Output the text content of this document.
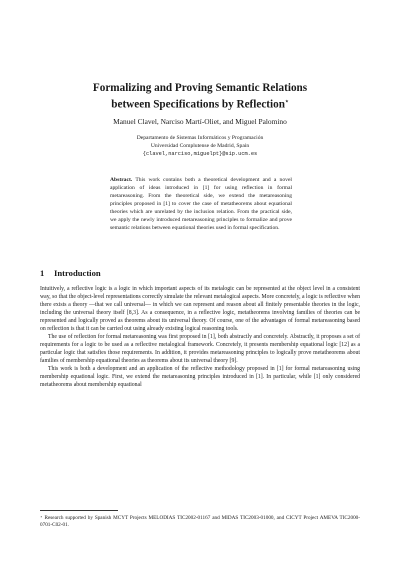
Formalizing and Proving Semantic Relations
between Specifications by Reflection⋆
Manuel Clavel, Narciso Martí-Oliet, and Miguel Palomino
Departamento de Sistemas Informáticos y Programación
Universidad Complutense de Madrid, Spain
{clavel,narciso,miguelpt}@sip.ucm.es

Abstract. This work contains both a theoretical development and a novel application of ideas introduced in [1] for using reflection in formal metareasoning. From the theoretical side, we extend the metareasoning principles proposed in [1] to cover the case of metatheorems about equational theories which are unrelated by the inclusion relation. From the practical side, we apply the newly introduced metareasoning principles to formalize and prove semantic relations between equational theories used in formal specification.

1 Introduction

Intuitively, a reflective logic is a logic in which important aspects of its metalogic can be represented at the object level in a consistent way, so that the object-level representations correctly simulate the relevant metalogical aspects. More concretely, a logic is reflective when there exists a theory —that we call universal— in which we can represent and reason about all finitely presentable theories in the logic, including the universal theory itself [8,3]. As a consequence, in a reflective logic, metatheorems involving families of theories can be represented and logically proved as theorems about its universal theory. Of course, one of the advantages of formal metareasoning based on reflection is that it can be carried out using already existing logical reasoning tools.

The use of reflection for formal metareasoning was first proposed in [1], both abstractly and concretely. Abstractly, it proposes a set of requirements for a logic to be used as a reflective metalogical framework. Concretely, it presents membership equational logic [12] as a particular logic that satisfies those requirements. In addition, it provides metareasoning principles to logically prove metatheorems about families of membership equational theories as theorems about its universal theory [9].

This work is both a development and an application of the reflective methodology proposed in [1] for formal metareasoning using membership equational logic. First, we extend the metareasoning principles introduced in [1]. In particular, while [1] only considered metatheorems about membership equational

⋆ Research supported by Spanish MCYT Projects MELODIAS TIC2002-01167 and MIDAS TIC2003-01000, and CICYT Project AMEVA TIC2000-0701-C02-01.
